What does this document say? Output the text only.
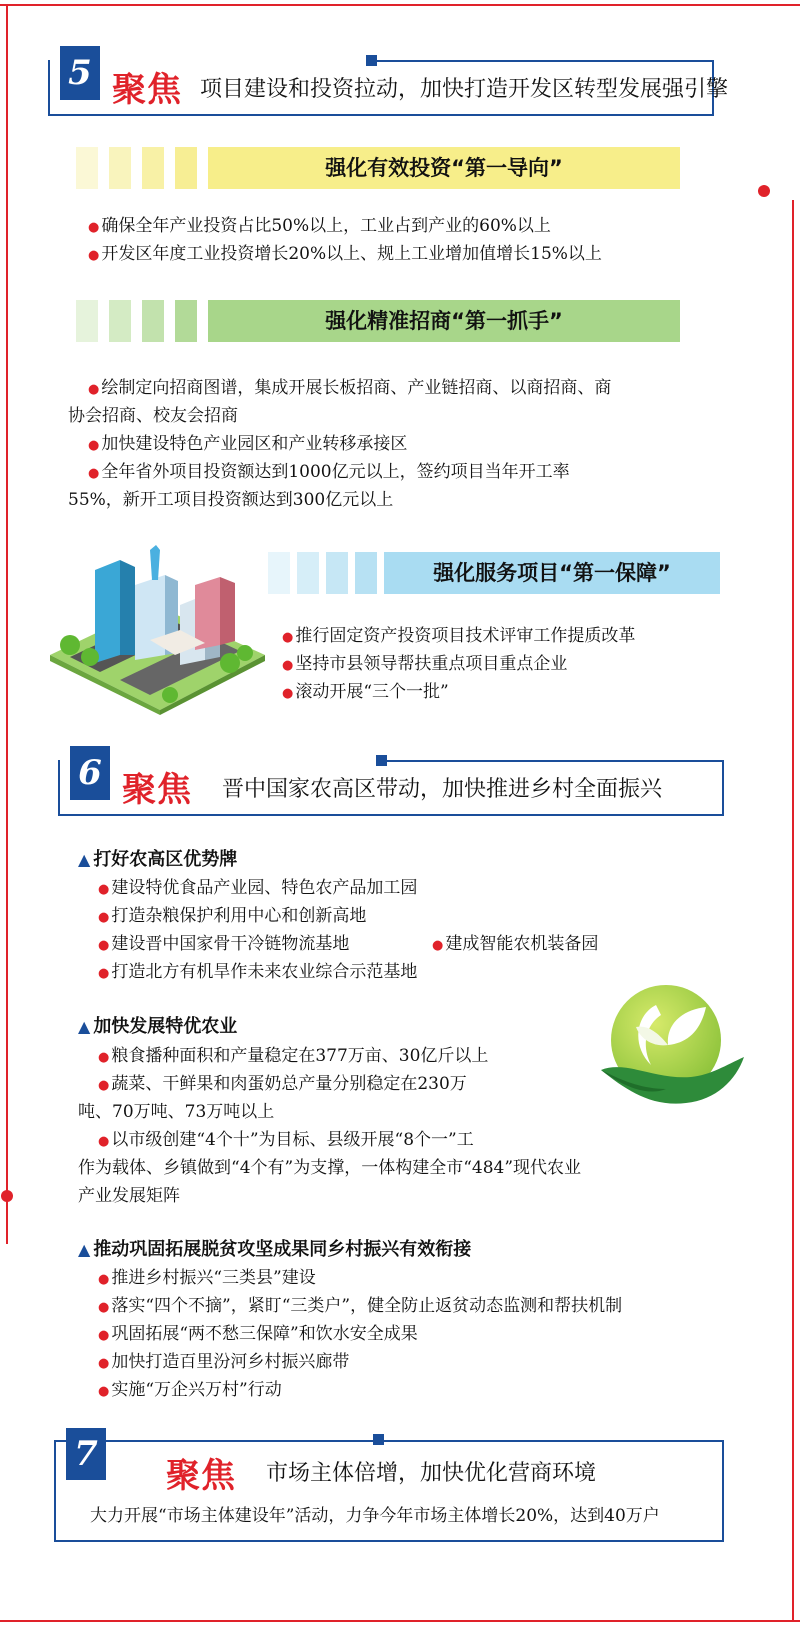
5 聚焦 项目建设和投资拉动，加快打造开发区转型发展强引擎
强化有效投资“第一导向”
● 确保全年产业投资占比50%以上，工业占到产业的60%以上
● 开发区年度工业投资增长20%以上、规上工业增加值增长15%以上
强化精准招商“第一抓手”
● 绘制定向招商图谱，集成开展长板招商、产业链招商、以商招商、商
协会招商、校友会招商
● 加快建设特色产业园区和产业转移承接区
● 全年省外项目投资额达到1000亿元以上，签约项目当年开工率
55%，新开工项目投资额达到300亿元以上
强化服务项目“第一保障”
● 推行固定资产投资项目技术评审工作提质改革
● 坚持市县领导帮扶重点项目重点企业
● 滚动开展“三个一批”
6 聚焦 晋中国家农高区带动，加快推进乡村全面振兴
▲ 打好农高区优势牌
● 建设特优食品产业园、特色农产品加工园
● 打造杂粮保护利用中心和创新高地
● 建设晋中国家骨干冷链物流基地
●	建成智能农机装备园
● 打造北方有机旱作未来农业综合示范基地
▲ 加快发展特优农业
● 粮食播种面积和产量稳定在377万亩、30亿斤以上
● 蔬菜、干鲜果和肉蛋奶总产量分别稳定在230万
吨、70万吨、73万吨以上
● 以市级创建“4个十”为目标、县级开展“8个一”工
作为载体、乡镇做到“4个有”为支撑，一体构建全市“484”现代农业
产业发展矩阵
▲ 推动巩固拓展脱贫攻坚成果同乡村振兴有效衔接
● 推进乡村振兴“三类县”建设
● 落实“四个不摘”，紧盯“三类户”，健全防止返贫动态监测和帮扶机制
● 巩固拓展“两不愁三保障”和饮水安全成果
● 加快打造百里汾河乡村振兴廊带
● 实施“万企兴万村”行动
7
聚焦 市场主体倍增，加快优化营商环境
大力开展“市场主体建设年”活动，力争今年市场主体增长20%，达到40万户
